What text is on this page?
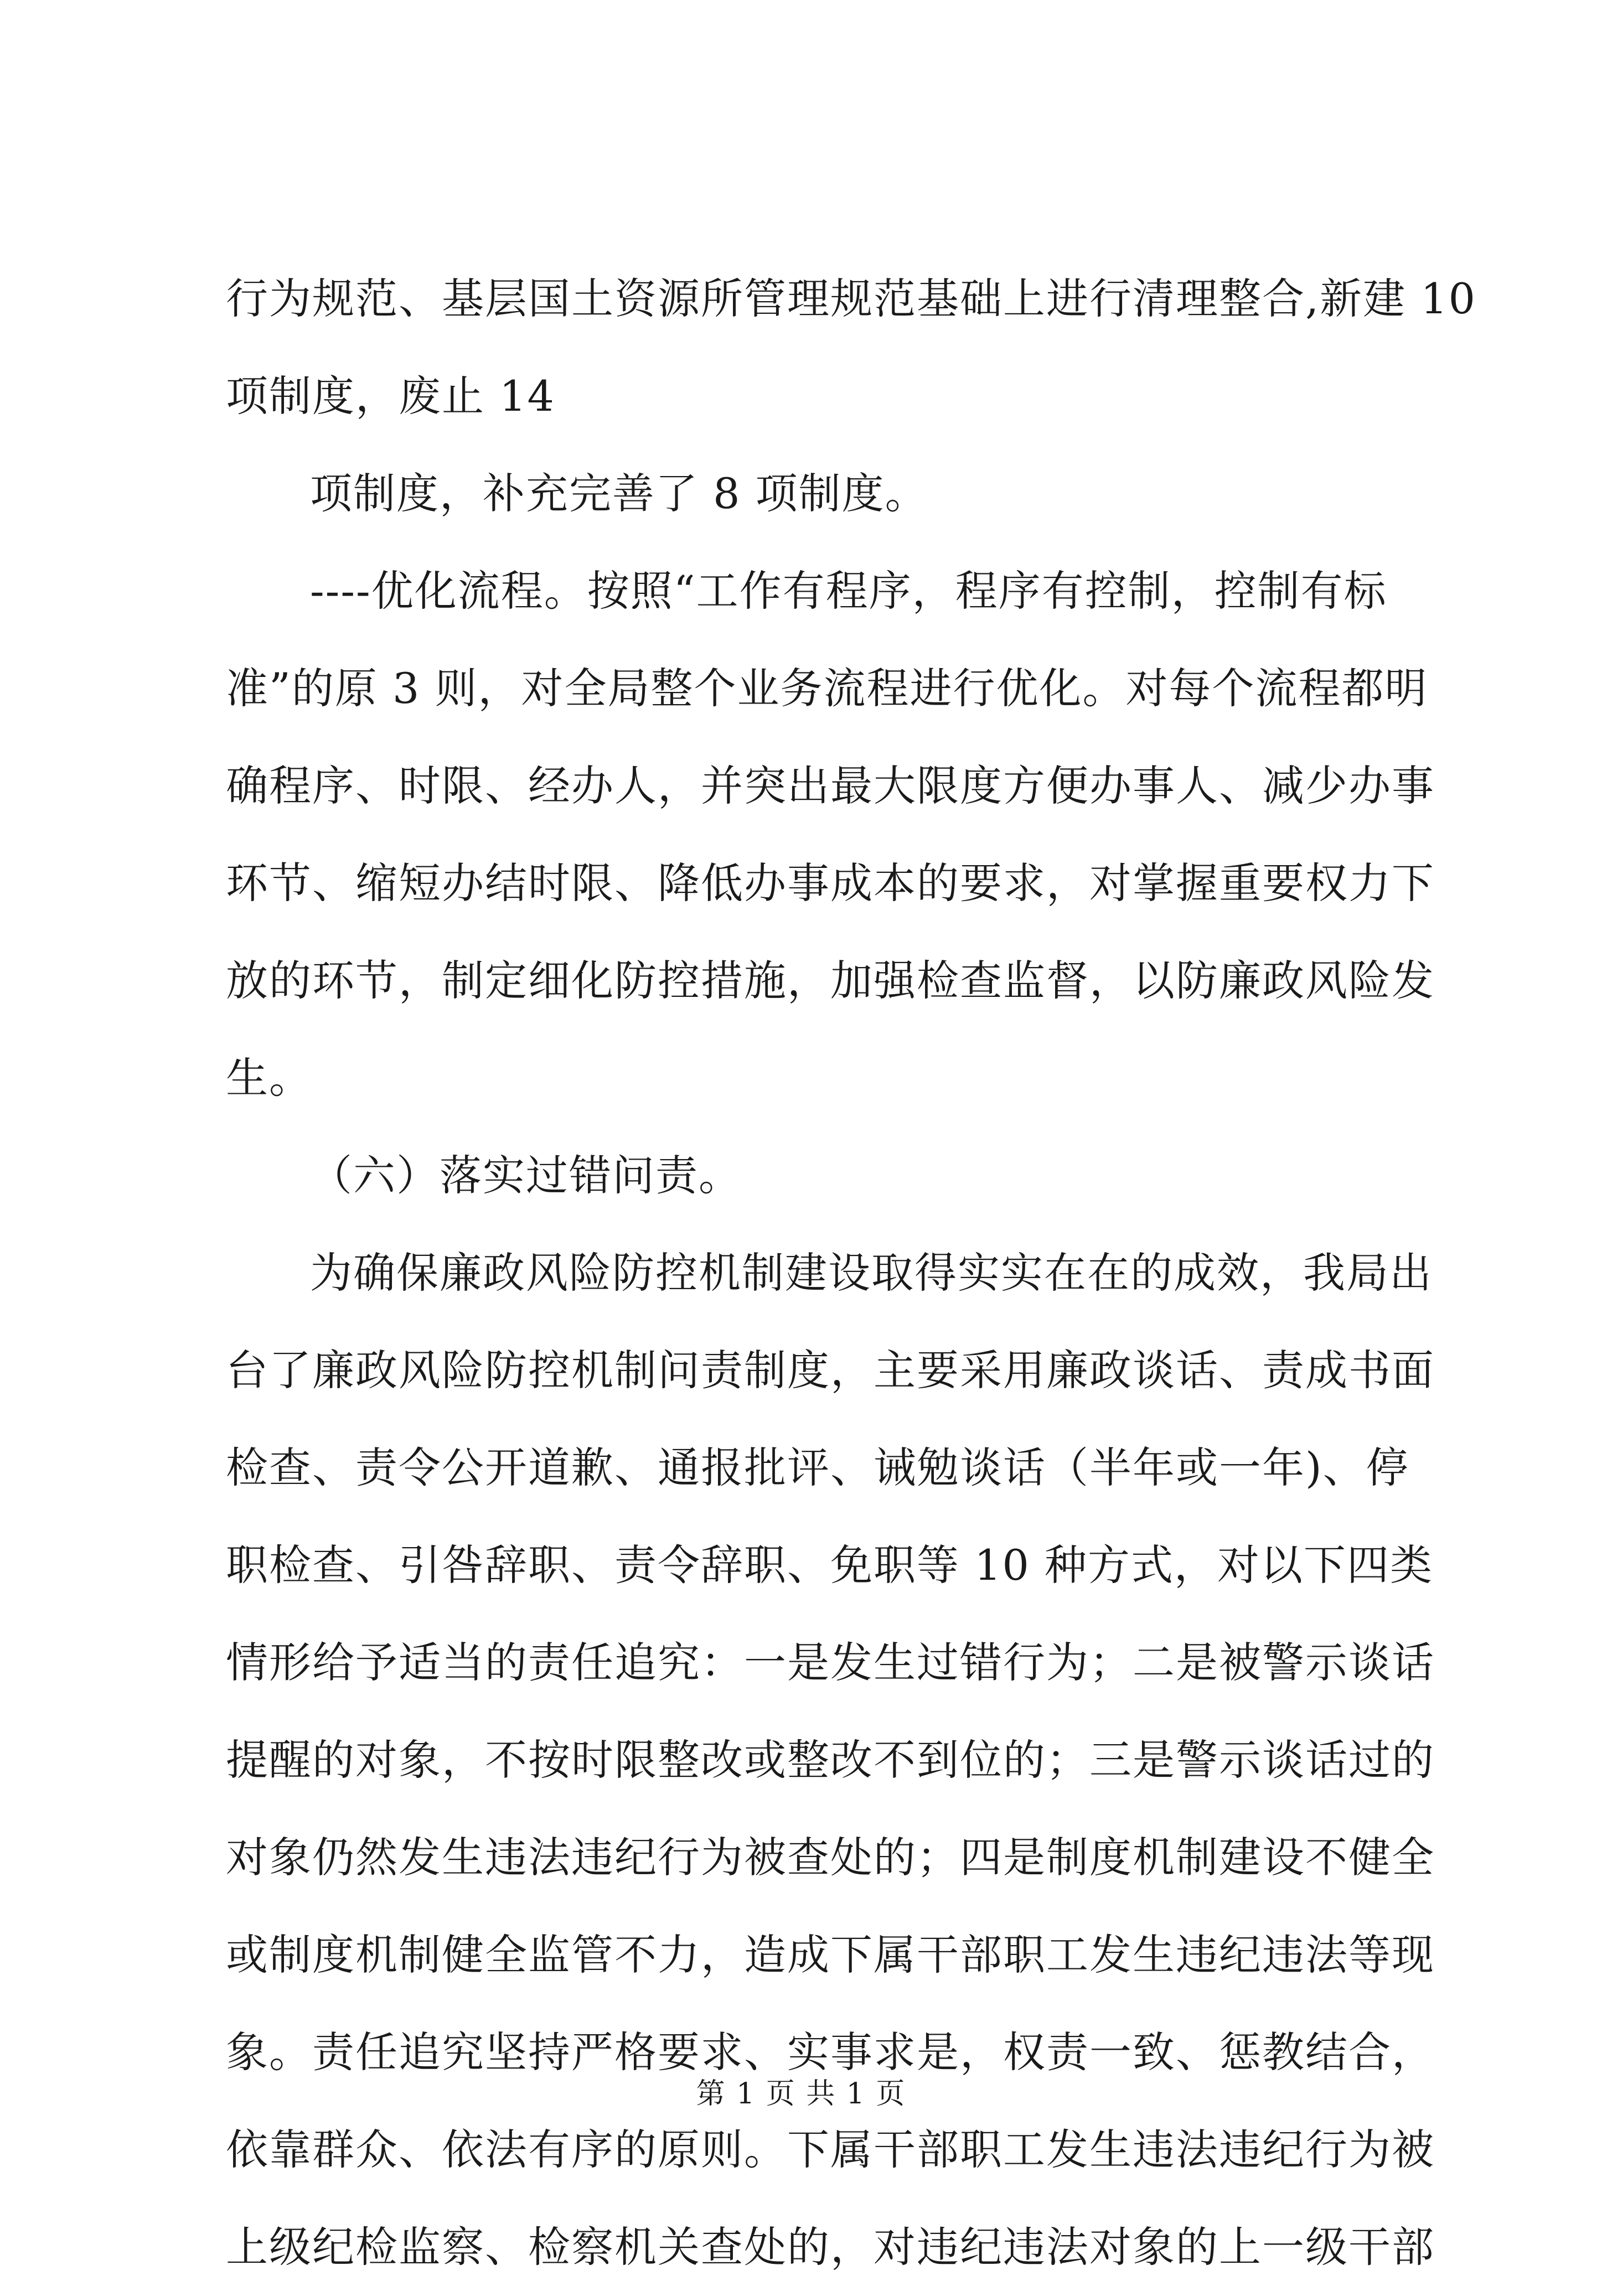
行为规范、基层国土资源所管理规范基础上进行清理整合,新建 10
项制度，废止 14
项制度，补充完善了 8 项制度。
----优化流程。按照“工作有程序，程序有控制，控制有标
准”的原 3 则，对全局整个业务流程进行优化。对每个流程都明
确程序、时限、经办人，并突出最大限度方便办事人、减少办事
环节、缩短办结时限、降低办事成本的要求，对掌握重要权力下
放的环节，制定细化防控措施，加强检查监督，以防廉政风险发
生。
（六）落实过错问责。
为确保廉政风险防控机制建设取得实实在在的成效，我局出
台了廉政风险防控机制问责制度，主要采用廉政谈话、责成书面
检查、责令公开道歉、通报批评、诫勉谈话（半年或一年)、停
职检查、引咎辞职、责令辞职、免职等 10 种方式，对以下四类
情形给予适当的责任追究：一是发生过错行为；二是被警示谈话
提醒的对象，不按时限整改或整改不到位的；三是警示谈话过的
对象仍然发生违法违纪行为被查处的；四是制度机制建设不健全
或制度机制健全监管不力，造成下属干部职工发生违纪违法等现
象。责任追究坚持严格要求、实事求是，权责一致、惩教结合，
依靠群众、依法有序的原则。下属干部职工发生违法违纪行为被
上级纪检监察、检察机关查处的，对违纪违法对象的上一级干部
第 1 页 共 1 页
